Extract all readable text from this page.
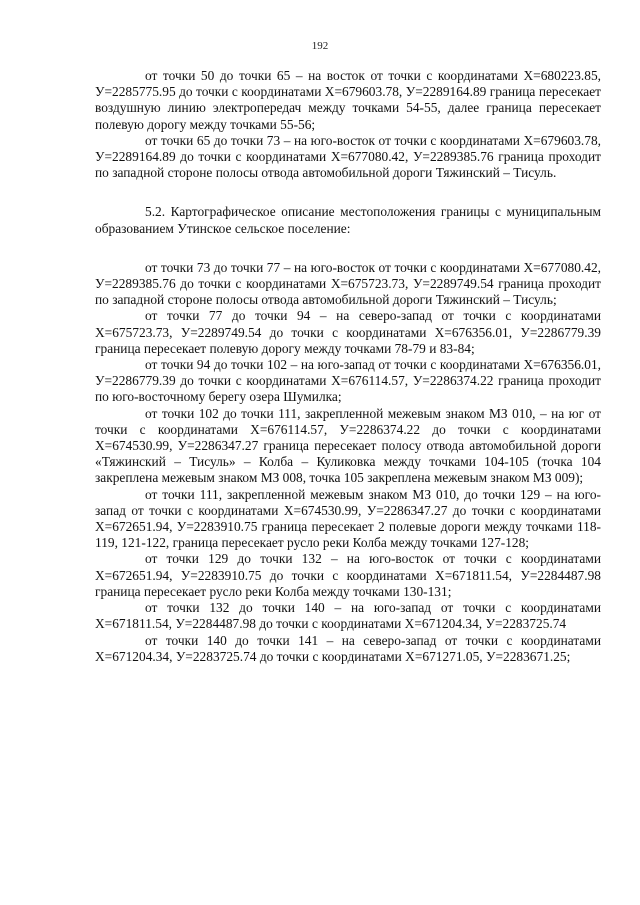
192

от точки 50 до точки 65 – на восток от точки с координатами Х=680223.85, У=2285775.95 до точки с координатами Х=679603.78, У=2289164.89 граница пересекает воздушную линию электропередач между точками 54-55, далее граница пересекает полевую дорогу между точками 55-56;

от точки 65 до точки 73 – на юго-восток от точки с координатами Х=679603.78, У=2289164.89 до точки с координатами Х=677080.42, У=2289385.76 граница проходит по западной стороне полосы отвода автомобильной дороги Тяжинский – Тисуль.

5.2. Картографическое описание местоположения границы с муниципальным образованием Утинское сельское поселение:

от точки 73 до точки 77 – на юго-восток от точки с координатами Х=677080.42, У=2289385.76 до точки с координатами Х=675723.73, У=2289749.54 граница проходит по западной стороне полосы отвода автомобильной дороги Тяжинский – Тисуль;

от точки 77 до точки 94 – на северо-запад от точки с координатами Х=675723.73, У=2289749.54 до точки с координатами Х=676356.01, У=2286779.39 граница пересекает полевую дорогу между точками 78-79 и 83-84;

от точки 94 до точки 102 – на юго-запад от точки с координатами Х=676356.01, У=2286779.39 до точки с координатами Х=676114.57, У=2286374.22 граница проходит по юго-восточному берегу озера Шумилка;

от точки 102 до точки 111, закрепленной межевым знаком МЗ 010, – на юг от точки с координатами Х=676114.57, У=2286374.22 до точки с координатами Х=674530.99, У=2286347.27 граница пересекает полосу отвода автомобильной дороги «Тяжинский – Тисуль» – Колба – Куликовка между точками 104-105 (точка 104 закреплена межевым знаком МЗ 008, точка 105 закреплена межевым знаком МЗ 009);

от точки 111, закрепленной межевым знаком МЗ 010, до точки 129 – на юго-запад от точки с координатами Х=674530.99, У=2286347.27 до точки с координатами Х=672651.94, У=2283910.75 граница пересекает 2 полевые дороги между точками 118-119, 121-122, граница пересекает русло реки Колба между точками 127-128;

от точки 129 до точки 132 – на юго-восток от точки с координатами Х=672651.94, У=2283910.75 до точки с координатами Х=671811.54, У=2284487.98 граница пересекает русло реки Колба между точками 130-131;

от точки 132 до точки 140 – на юго-запад от точки с координатами Х=671811.54, У=2284487.98 до точки с координатами Х=671204.34, У=2283725.74

от точки 140 до точки 141 – на северо-запад от точки с координатами Х=671204.34, У=2283725.74 до точки с координатами Х=671271.05, У=2283671.25;
